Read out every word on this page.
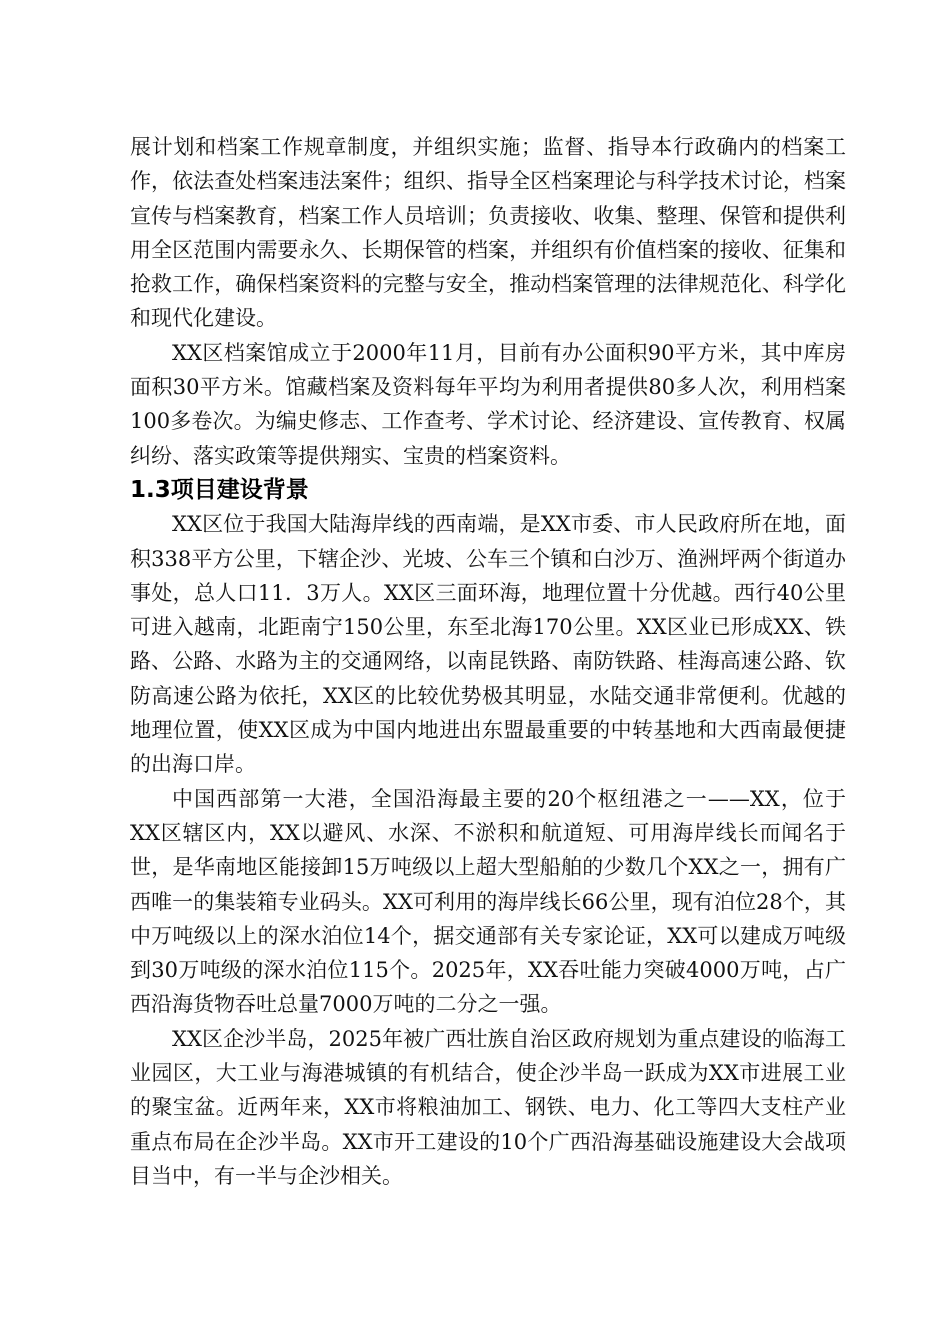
展计划和档案工作规章制度，并组织实施；监督、指导本行政确内的档案工作，依法查处档案违法案件；组织、指导全区档案理论与科学技术讨论，档案宣传与档案教育，档案工作人员培训；负责接收、收集、整理、保管和提供利用全区范围内需要永久、长期保管的档案，并组织有价值档案的接收、征集和抢救工作，确保档案资料的完整与安全，推动档案管理的法律规范化、科学化和现代化建设。

XX区档案馆成立于2000年11月，目前有办公面积90平方米，其中库房面积30平方米。馆藏档案及资料每年平均为利用者提供80多人次，利用档案100多卷次。为编史修志、工作查考、学术讨论、经济建设、宣传教育、权属纠纷、落实政策等提供翔实、宝贵的档案资料。

1.3项目建设背景

XX区位于我国大陆海岸线的西南端，是XX市委、市人民政府所在地，面积338平方公里，下辖企沙、光坡、公车三个镇和白沙万、渔洲坪两个街道办事处，总人口11．3万人。XX区三面环海，地理位置十分优越。西行40公里可进入越南，北距南宁150公里，东至北海170公里。XX区业已形成XX、铁路、公路、水路为主的交通网络，以南昆铁路、南防铁路、桂海高速公路、钦防高速公路为依托，XX区的比较优势极其明显，水陆交通非常便利。优越的地理位置，使XX区成为中国内地进出东盟最重要的中转基地和大西南最便捷的出海口岸。

中国西部第一大港，全国沿海最主要的20个枢纽港之一——XX，位于XX区辖区内，XX以避风、水深、不淤积和航道短、可用海岸线长而闻名于世，是华南地区能接卸15万吨级以上超大型船舶的少数几个XX之一，拥有广西唯一的集装箱专业码头。XX可利用的海岸线长66公里，现有泊位28个，其中万吨级以上的深水泊位14个，据交通部有关专家论证，XX可以建成万吨级到30万吨级的深水泊位115个。2025年，XX吞吐能力突破4000万吨，占广西沿海货物吞吐总量7000万吨的二分之一强。

XX区企沙半岛，2025年被广西壮族自治区政府规划为重点建设的临海工业园区，大工业与海港城镇的有机结合，使企沙半岛一跃成为XX市进展工业的聚宝盆。近两年来，XX市将粮油加工、钢铁、电力、化工等四大支柱产业重点布局在企沙半岛。XX市开工建设的10个广西沿海基础设施建设大会战项目当中，有一半与企沙相关。
